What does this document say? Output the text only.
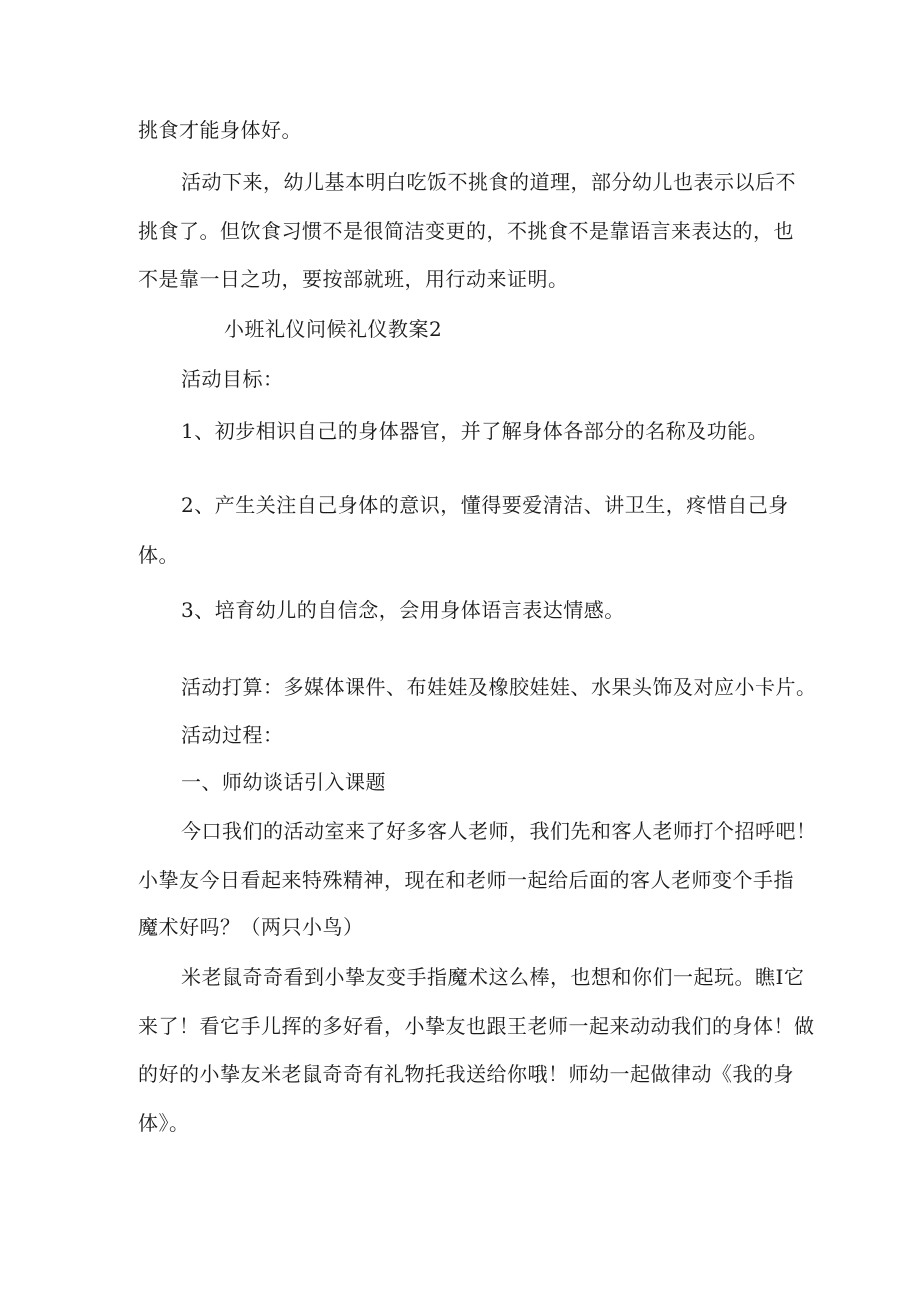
挑食才能身体好。
活动下来，幼儿基本明白吃饭不挑食的道理，部分幼儿也表示以后不
挑食了。但饮食习惯不是很简洁变更的，不挑食不是靠语言来表达的，也
不是靠一日之功，要按部就班，用行动来证明。
小班礼仪问候礼仪教案2
活动目标：
1、初步相识自己的身体器官，并了解身体各部分的名称及功能。
2、产生关注自己身体的意识，懂得要爱清洁、讲卫生，疼惜自己身
体。
3、培育幼儿的自信念，会用身体语言表达情感。
活动打算：多媒体课件、布娃娃及橡胶娃娃、水果头饰及对应小卡片。
活动过程：
一、师幼谈话引入课题
今口我们的活动室来了好多客人老师，我们先和客人老师打个招呼吧！
小挚友今日看起来特殊精神，现在和老师一起给后面的客人老师变个手指
魔术好吗？（两只小鸟）
米老鼠奇奇看到小挚友变手指魔术这么棒，也想和你们一起玩。瞧I它
来了！看它手儿挥的多好看，小挚友也跟王老师一起来动动我们的身体！做
的好的小挚友米老鼠奇奇有礼物托我送给你哦！师幼一起做律动《我的身
体》。
